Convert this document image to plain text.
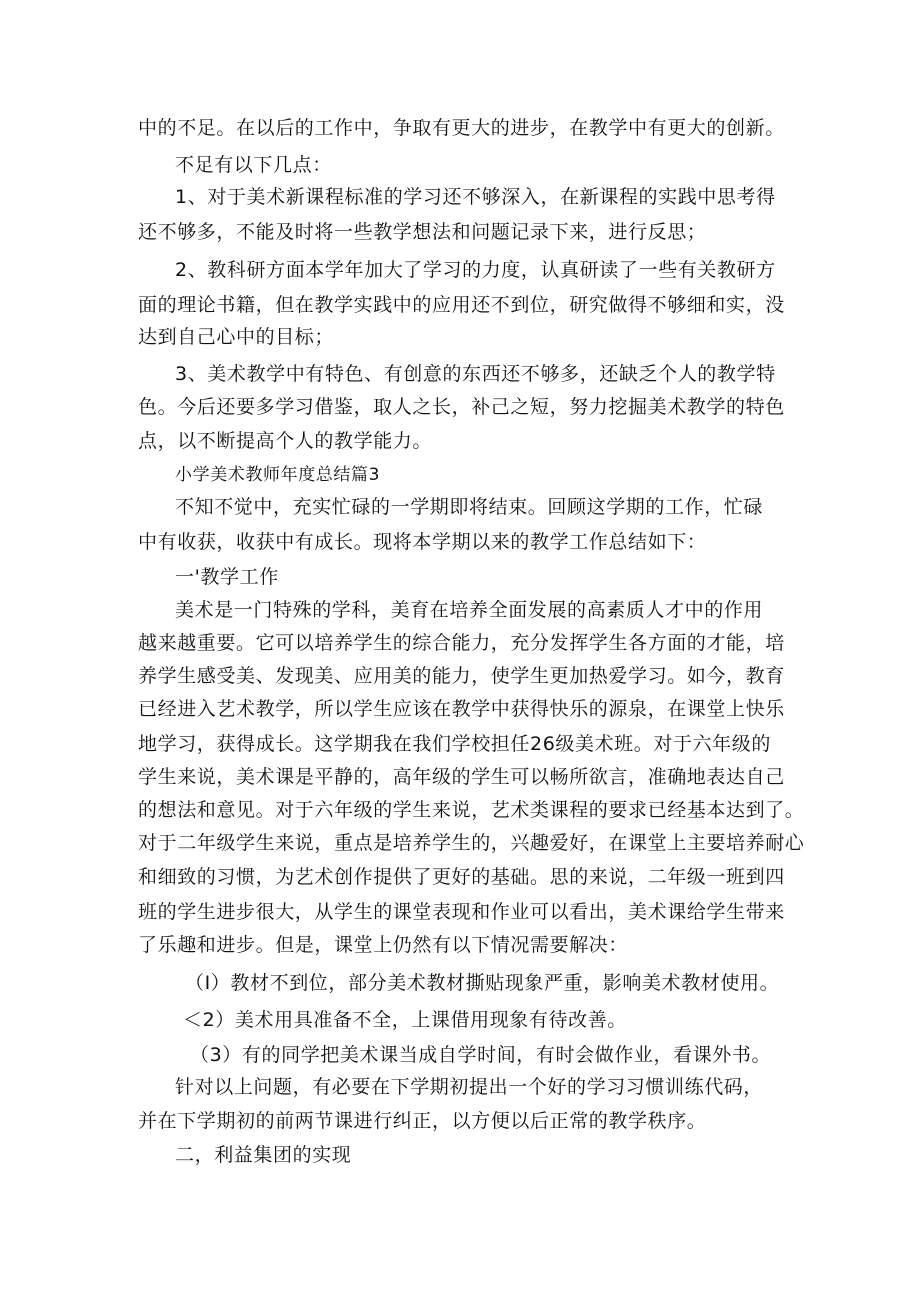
中的不足。在以后的工作中，争取有更大的进步，在教学中有更大的创新。
不足有以下几点：
1、对于美术新课程标准的学习还不够深入，在新课程的实践中思考得
还不够多，不能及时将一些教学想法和问题记录下来，进行反思；
2、教科研方面本学年加大了学习的力度，认真研读了一些有关教研方
面的理论书籍，但在教学实践中的应用还不到位，研究做得不够细和实，没
达到自己心中的目标；
3、美术教学中有特色、有创意的东西还不够多，还缺乏个人的教学特
色。今后还要多学习借鉴，取人之长，补己之短，努力挖掘美术教学的特色
点，以不断提高个人的教学能力。
小学美术教师年度总结篇3
不知不觉中，充实忙碌的一学期即将结束。回顾这学期的工作，忙碌
中有收获，收获中有成长。现将本学期以来的教学工作总结如下：
一'教学工作
美术是一门特殊的学科，美育在培养全面发展的高素质人才中的作用
越来越重要。它可以培养学生的综合能力，充分发挥学生各方面的才能，培
养学生感受美、发现美、应用美的能力，使学生更加热爱学习。如今，教育
已经进入艺术教学，所以学生应该在教学中获得快乐的源泉，在课堂上快乐
地学习，获得成长。这学期我在我们学校担任26级美术班。对于六年级的
学生来说，美术课是平静的，高年级的学生可以畅所欲言，准确地表达自己
的想法和意见。对于六年级的学生来说，艺术类课程的要求已经基本达到了。
对于二年级学生来说，重点是培养学生的，兴趣爱好，在课堂上主要培养耐心
和细致的习惯，为艺术创作提供了更好的基础。思的来说，二年级一班到四
班的学生进步很大，从学生的课堂表现和作业可以看出，美术课给学生带来
了乐趣和进步。但是，课堂上仍然有以下情况需要解决：
（I）教材不到位，部分美术教材撕贴现象严重，影响美术教材使用。
＜2）美术用具准备不全，上课借用现象有待改善。
（3）有的同学把美术课当成自学时间，有时会做作业，看课外书。
针对以上问题，有必要在下学期初提出一个好的学习习惯训练代码，
并在下学期初的前两节课进行纠正，以方便以后正常的教学秩序。
二，利益集团的实现
